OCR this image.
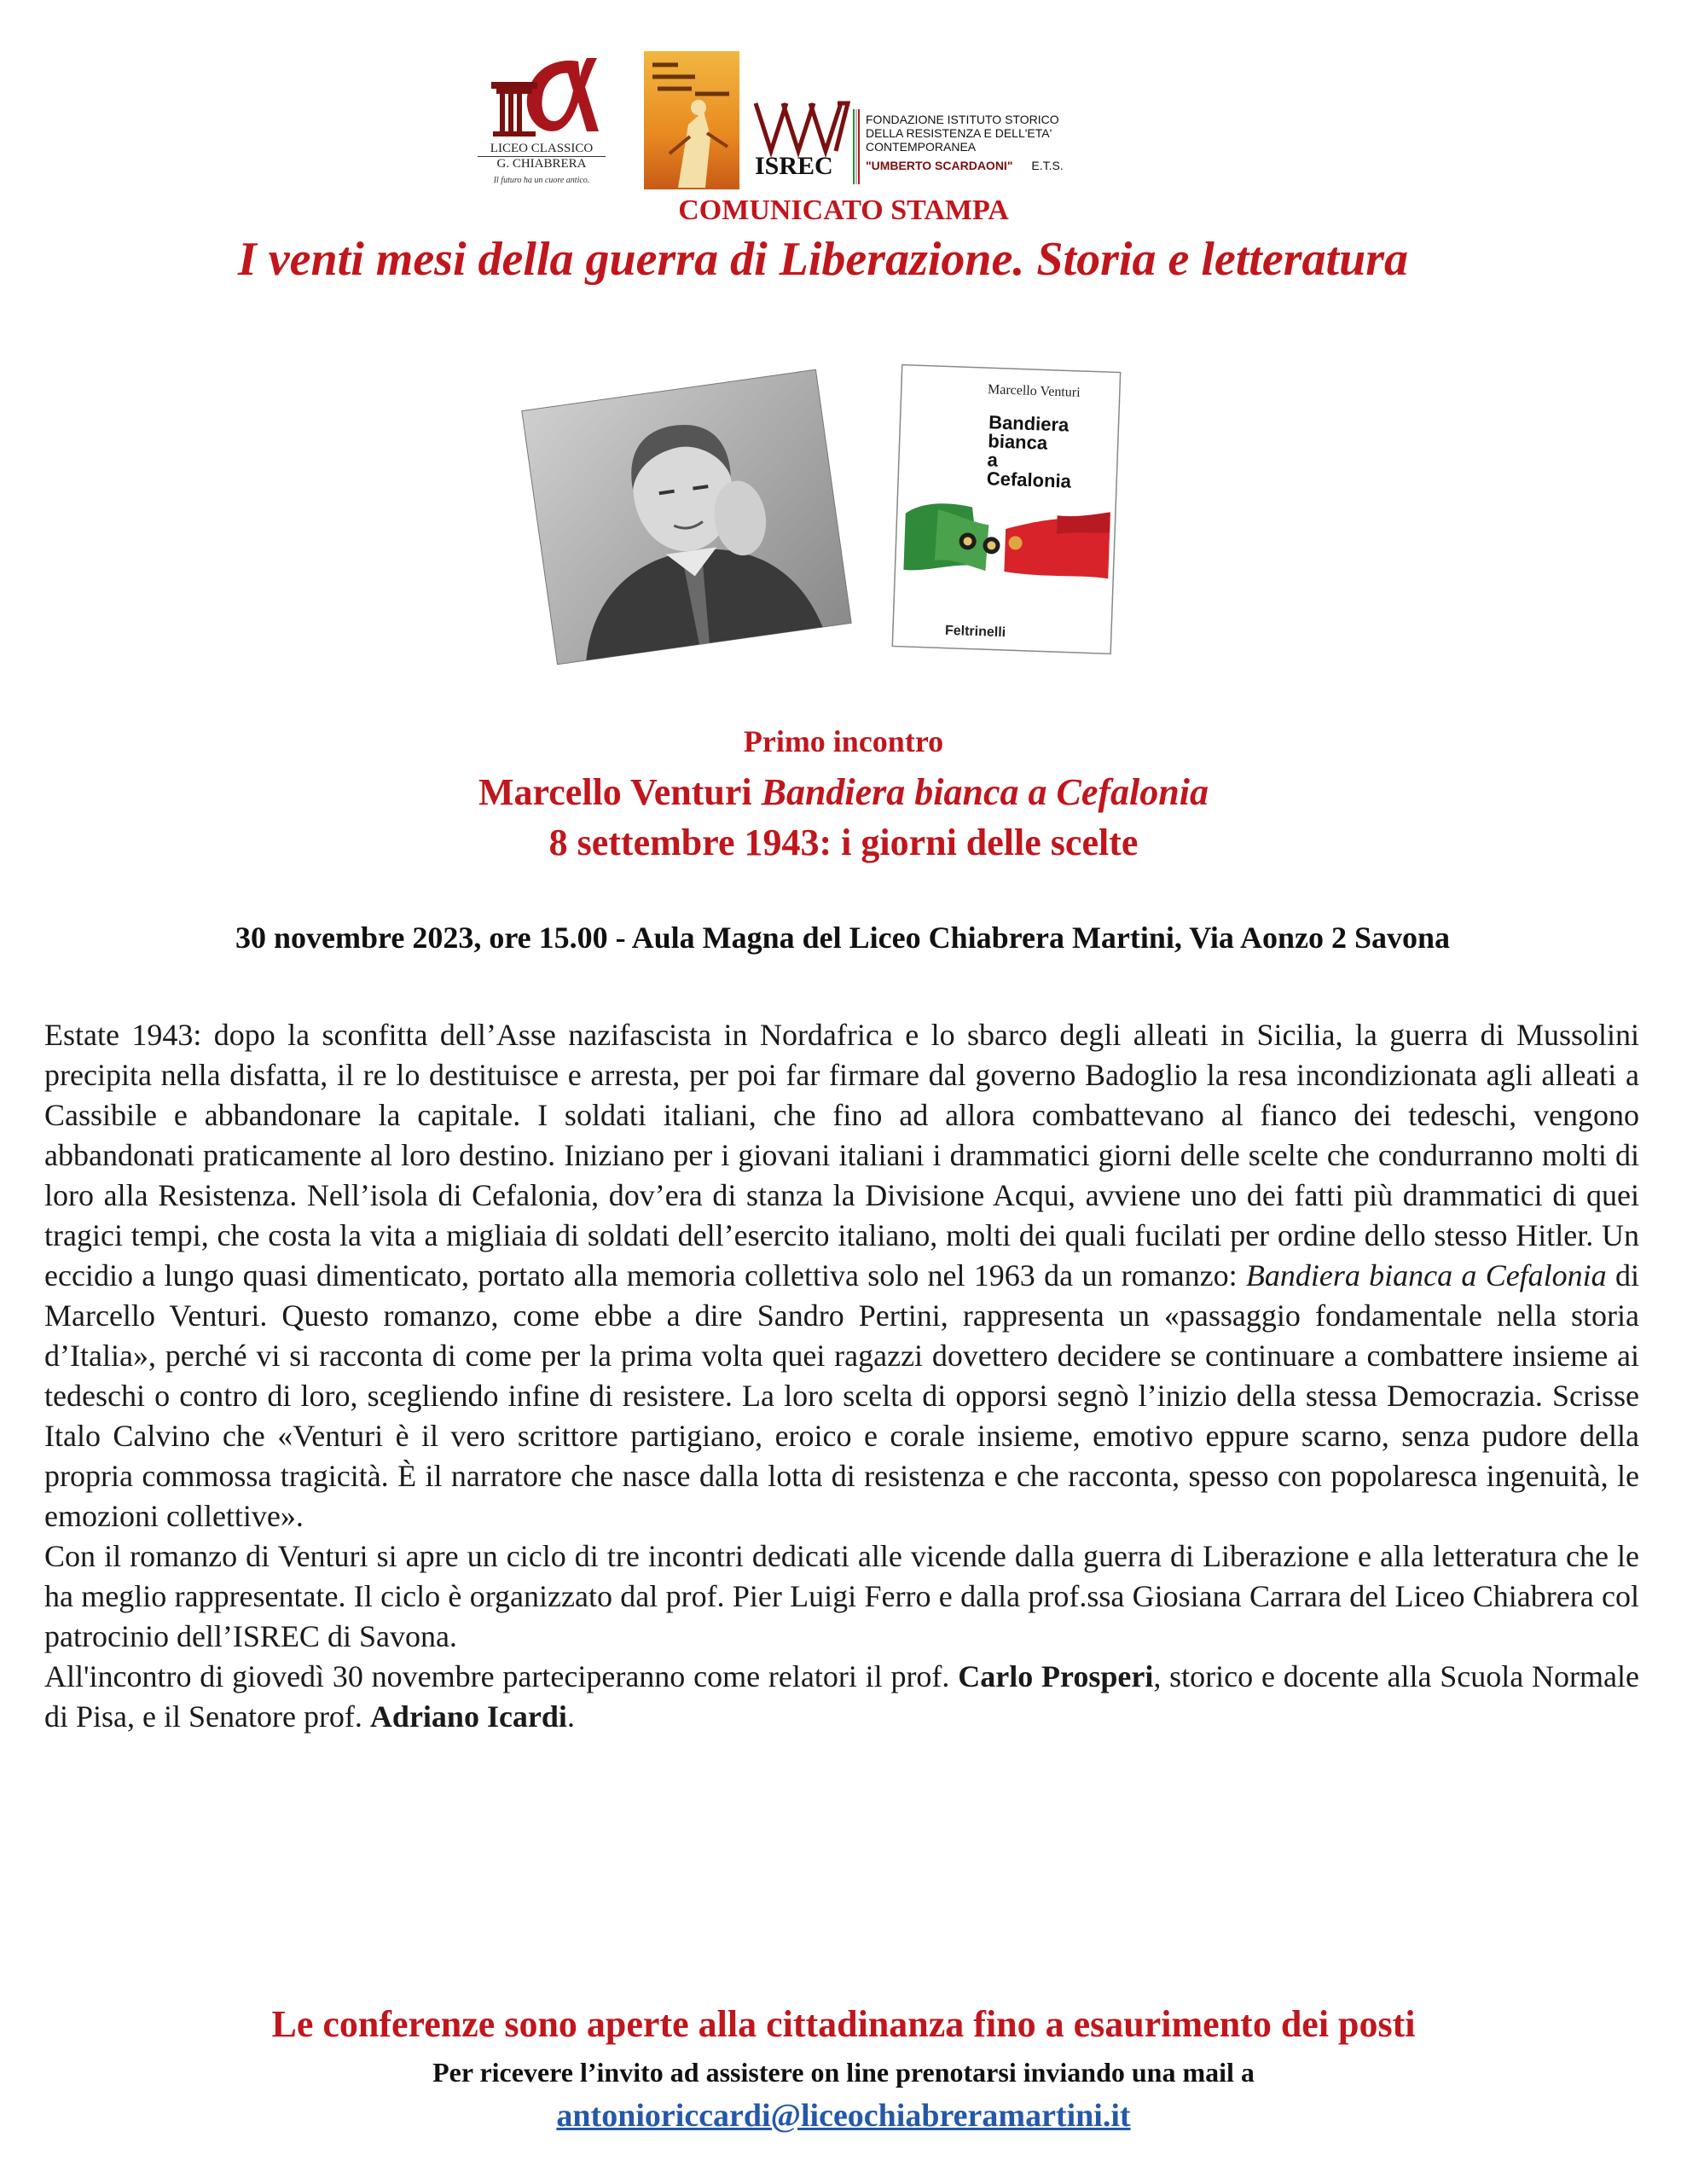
LICEO CLASSICO
G. CHIABRERA
Il futuro ha un cuore antico.
ISREC
FONDAZIONE ISTITUTO STORICO
DELLA RESISTENZA E DELL'ETA' CONTEMPORANEA
"UMBERTO SCARDAONI" E.T.S.
COMUNICATO STAMPA
I venti mesi della guerra di Liberazione. Storia e letteratura
Marcello Venturi
Bandiera
bianca
a
Cefalonia
Feltrinelli
Primo incontro
Marcello Venturi Bandiera bianca a Cefalonia
8 settembre 1943: i giorni delle scelte
30 novembre 2023, ore 15.00 - Aula Magna del Liceo Chiabrera Martini, Via Aonzo 2 Savona

Estate 1943: dopo la sconfitta dell’Asse nazifascista in Nordafrica e lo sbarco degli alleati in Sicilia, la guerra di Mussolini precipita nella disfatta, il re lo destituisce e arresta, per poi far firmare dal governo Badoglio la resa incondizionata agli alleati a Cassibile e abbandonare la capitale. I soldati italiani, che fino ad allora combattevano al fianco dei tedeschi, vengono abbandonati praticamente al loro destino. Iniziano per i giovani italiani i drammatici giorni delle scelte che condurranno molti di loro alla Resistenza. Nell’isola di Cefalonia, dov’era di stanza la Divisione Acqui, avviene uno dei fatti più drammatici di quei tragici tempi, che costa la vita a migliaia di soldati dell’esercito italiano, molti dei quali fucilati per ordine dello stesso Hitler. Un eccidio a lungo quasi dimenticato, portato alla memoria collettiva solo nel 1963 da un romanzo: Bandiera bianca a Cefalonia di Marcello Venturi. Questo romanzo, come ebbe a dire Sandro Pertini, rappresenta un «passaggio fondamentale nella storia d’Italia», perché vi si racconta di come per la prima volta quei ragazzi dovettero decidere se continuare a combattere insieme ai tedeschi o contro di loro, scegliendo infine di resistere. La loro scelta di opporsi segnò l’inizio della stessa Democrazia. Scrisse Italo Calvino che «Venturi è il vero scrittore partigiano, eroico e corale insieme, emotivo eppure scarno, senza pudore della propria commossa tragicità. È il narratore che nasce dalla lotta di resistenza e che racconta, spesso con popolaresca ingenuità, le emozioni collettive».

Con il romanzo di Venturi si apre un ciclo di tre incontri dedicati alle vicende dalla guerra di Liberazione e alla letteratura che le ha meglio rappresentate. Il ciclo è organizzato dal prof. Pier Luigi Ferro e dalla prof.ssa Giosiana Carrara del Liceo Chiabrera col patrocinio dell’ISREC di Savona.

All'incontro di giovedì 30 novembre parteciperanno come relatori il prof. Carlo Prosperi, storico e docente alla Scuola Normale di Pisa, e il Senatore prof. Adriano Icardi.

Le conferenze sono aperte alla cittadinanza fino a esaurimento dei posti
Per ricevere l’invito ad assistere on line prenotarsi inviando una mail a
antonioriccardi@liceochiabreramartini.it
